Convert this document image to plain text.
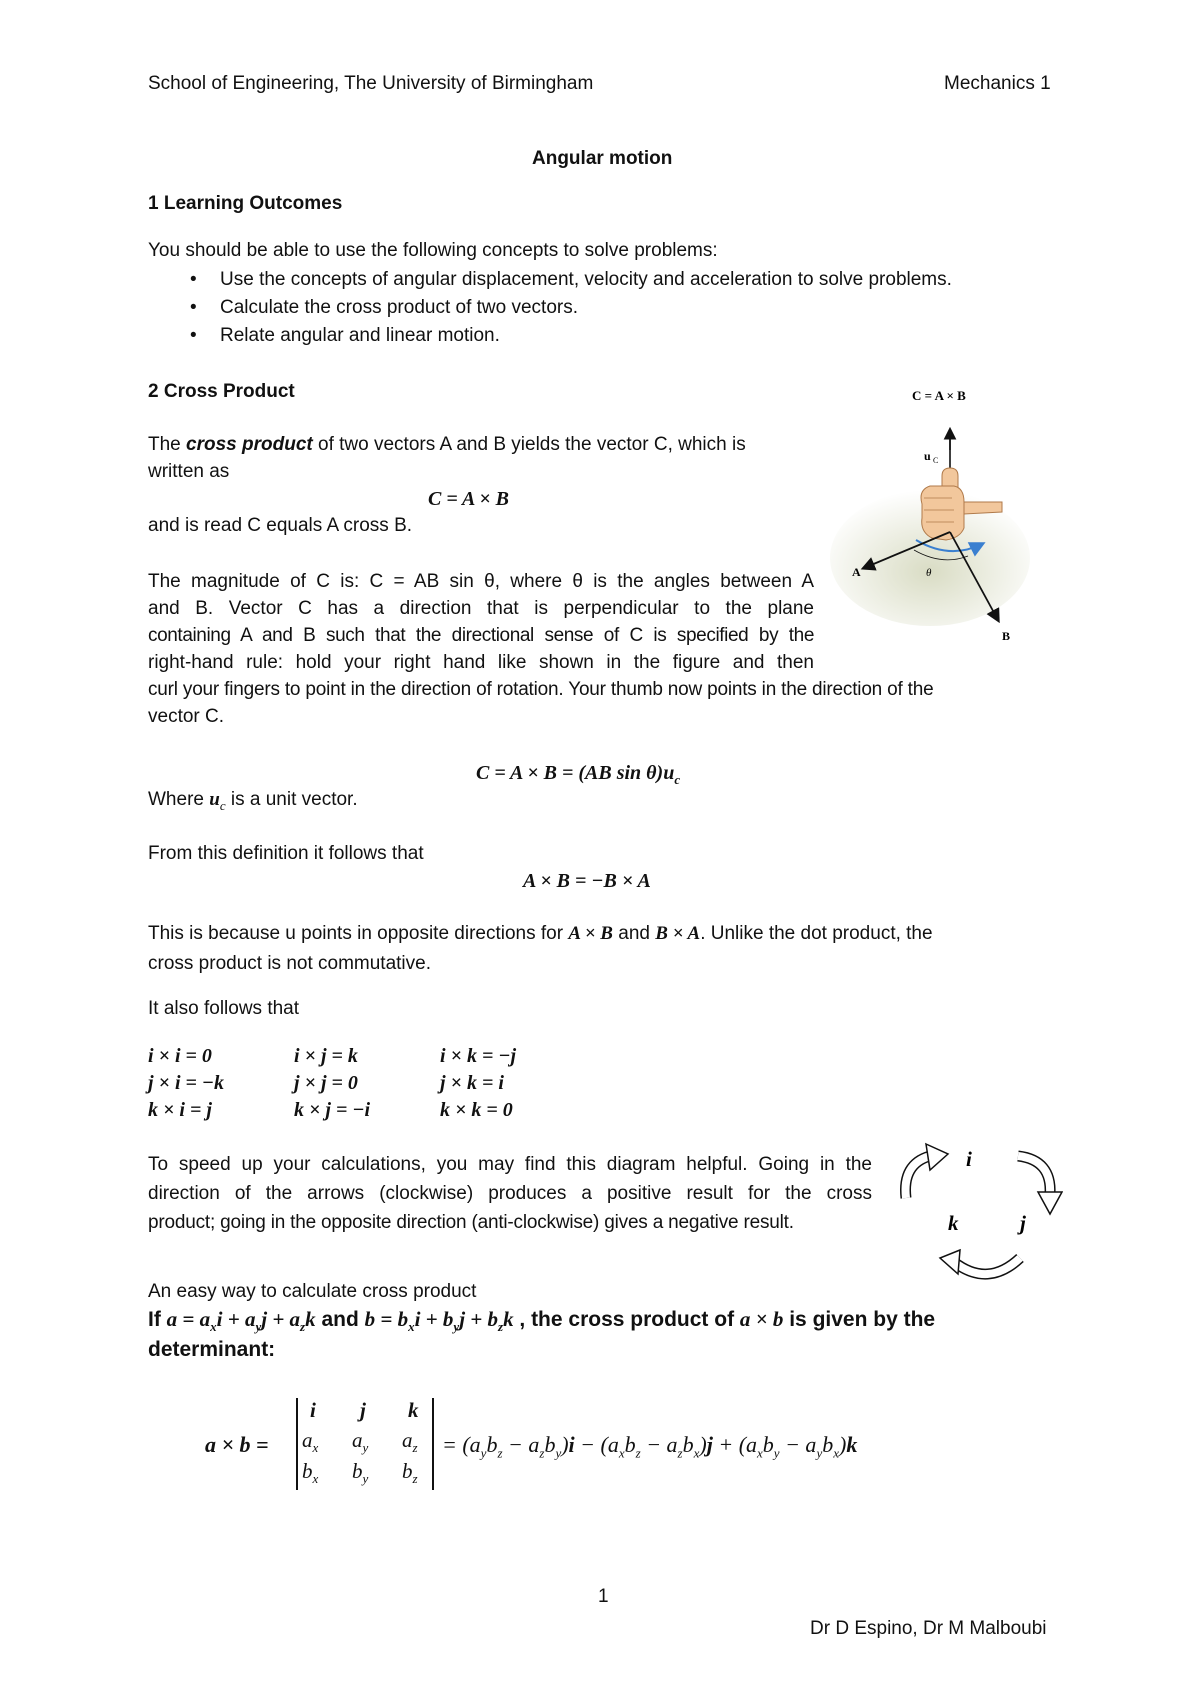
School of Engineering, The University of Birmingham	Mechanics 1
Angular motion
1 Learning Outcomes
You should be able to use the following concepts to solve problems:
• Use the concepts of angular displacement, velocity and acceleration to solve problems.
• Calculate the cross product of two vectors.
• Relate angular and linear motion.
2 Cross Product
The cross product of two vectors A and B yields the vector C, which is
written as
C = A × B
and is read C equals A cross B.
The magnitude of C is: C = AB sin θ, where θ is the angles between A
and B. Vector C has a direction that is perpendicular to the plane
containing A and B such that the directional sense of C is specified by the
right-hand rule: hold your right hand like shown in the figure and then
curl your fingers to point in the direction of rotation. Your thumb now points in the direction of the
vector C.
C = A × B = (AB $\sin \theta)u_c$
Where $u_c$ is a unit vector.
From this definition it follows that
A × B = −B × A
This is because u points in opposite directions for A × B and B × A. Unlike the dot product, the
cross product is not commutative.
It also follows that
i × i = 0	i × j = k	i × k = −j
j × i = −k	j × j = 0	j × k = i
k × i = j	k × j = −i	k × k = 0
To speed up your calculations, you may find this diagram helpful. Going in the
direction of the arrows (clockwise) produces a positive result for the cross
product; going in the opposite direction (anti-clockwise) gives a negative result.
An easy way to calculate cross product
If $a = a_xi + a_yj + a_zk$ and $b = b_xi + b_yj + b_zk$ , the cross product of a × b is given by the
determinant:
a × b =
i j k
$a_x$ $a_y$ $a_z$
$b_x$ $b_y$ $b_z$
= $(a_yb_z - a_zb_y)i - (a_xb_z - a_zb_x)j + (a_xb_y - a_yb_x)k$
C = A × B
u C
A
B
θ
i
j
k
1
Dr D Espino, Dr M Malboubi
